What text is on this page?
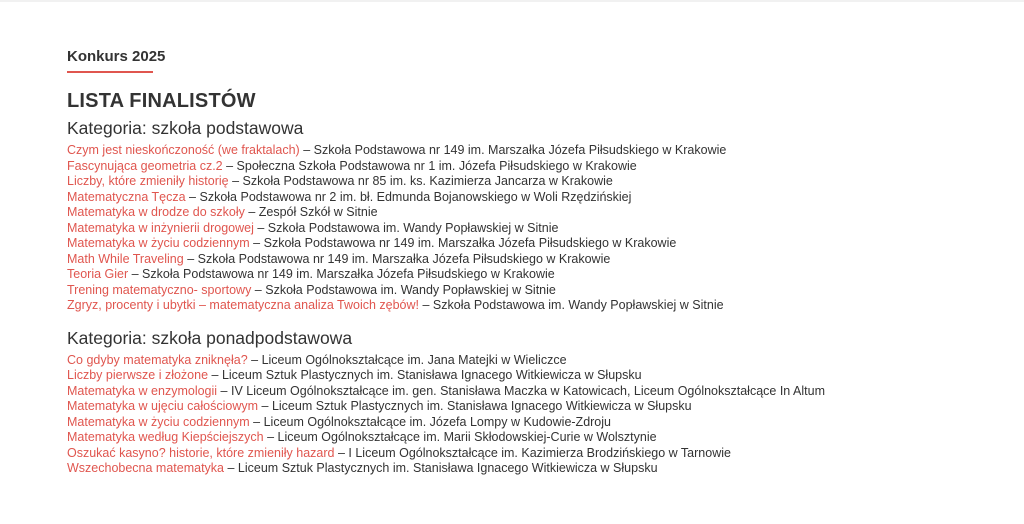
Konkurs 2025
LISTA FINALISTÓW
Kategoria: szkoła podstawowa
Czym jest nieskończoność (we fraktalach) – Szkoła Podstawowa nr 149 im. Marszałka Józefa Piłsudskiego w Krakowie
Fascynująca geometria cz.2 – Społeczna Szkoła Podstawowa nr 1 im. Józefa Piłsudskiego w Krakowie
Liczby, które zmieniły historię – Szkoła Podstawowa nr 85 im. ks. Kazimierza Jancarza w Krakowie
Matematyczna Tęcza – Szkoła Podstawowa nr 2 im. bł. Edmunda Bojanowskiego w Woli Rzędzińskiej
Matematyka w drodze do szkoły – Zespół Szkół w Sitnie
Matematyka w inżynierii drogowej – Szkoła Podstawowa im. Wandy Popławskiej w Sitnie
Matematyka w życiu codziennym – Szkoła Podstawowa nr 149 im. Marszałka Józefa Piłsudskiego w Krakowie
Math While Traveling – Szkoła Podstawowa nr 149 im. Marszałka Józefa Piłsudskiego w Krakowie
Teoria Gier – Szkoła Podstawowa nr 149 im. Marszałka Józefa Piłsudskiego w Krakowie
Trening matematyczno- sportowy – Szkoła Podstawowa im. Wandy Popławskiej w Sitnie
Zgryz, procenty i ubytki – matematyczna analiza Twoich zębów! – Szkoła Podstawowa im. Wandy Popławskiej w Sitnie
Kategoria: szkoła ponadpodstawowa
Co gdyby matematyka zniknęła? – Liceum Ogólnokształcące im. Jana Matejki w Wieliczce
Liczby pierwsze i złożone – Liceum Sztuk Plastycznych im. Stanisława Ignacego Witkiewicza w Słupsku
Matematyka w enzymologii – IV Liceum Ogólnokształcące im. gen. Stanisława Maczka w Katowicach, Liceum Ogólnokształcące In Altum
Matematyka w ujęciu całościowym – Liceum Sztuk Plastycznych im. Stanisława Ignacego Witkiewicza w Słupsku
Matematyka w życiu codziennym – Liceum Ogólnokształcące im. Józefa Lompy w Kudowie-Zdroju
Matematyka według Kiepściejszych – Liceum Ogólnokształcące im. Marii Skłodowskiej-Curie w Wolsztynie
Oszukać kasyno? historie, które zmieniły hazard – I Liceum Ogólnokształcące im. Kazimierza Brodzińskiego w Tarnowie
Wszechobecna matematyka – Liceum Sztuk Plastycznych im. Stanisława Ignacego Witkiewicza w Słupsku
